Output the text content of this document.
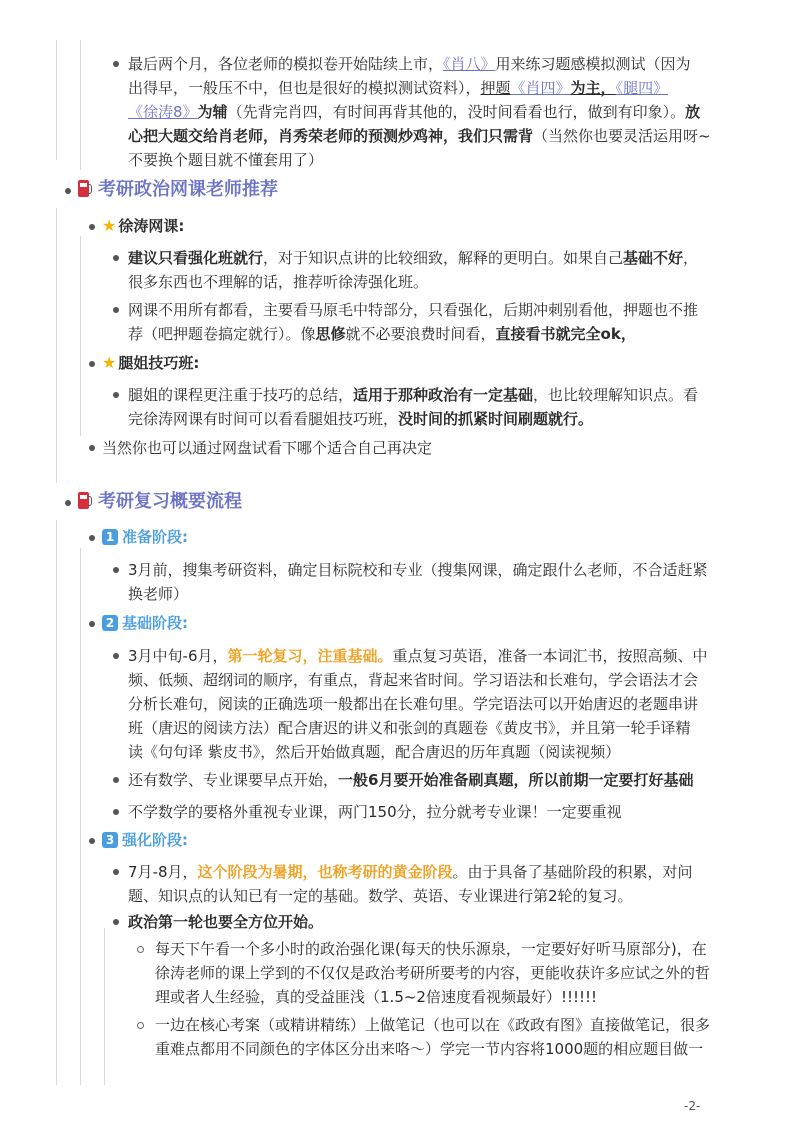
最后两个月，各位老师的模拟卷开始陆续上市，《肖八》用来练习题感模拟测试（因为
出得早，一般压不中，但也是很好的模拟测试资料），押题《肖四》为主，《腿四》
《徐涛8》为辅（先背完肖四，有时间再背其他的，没时间看看也行，做到有印象）。放
心把大题交给肖老师，肖秀荣老师的预测炒鸡神，我们只需背（当然你也要灵活运用呀~
不要换个题目就不懂套用了）
考研政治网课老师推荐
★ 徐涛网课:
建议只看强化班就行，对于知识点讲的比较细致，解释的更明白。如果自己基础不好，
很多东西也不理解的话，推荐听徐涛强化班。
网课不用所有都看，主要看马原毛中特部分，只看强化，后期冲刺别看他，押题也不推
荐（吧押题卷搞定就行）。像思修就不必要浪费时间看，直接看书就完全ok，
★ 腿姐技巧班:
腿姐的课程更注重于技巧的总结，适用于那种政治有一定基础，也比较理解知识点。看
完徐涛网课有时间可以看看腿姐技巧班，没时间的抓紧时间刷题就行。
当然你也可以通过网盘试看下哪个适合自己再决定
考研复习概要流程
1 准备阶段:
3月前，搜集考研资料，确定目标院校和专业（搜集网课，确定跟什么老师，不合适赶紧
换老师）
2 基础阶段:
3月中旬-6月，第一轮复习，注重基础。重点复习英语，准备一本词汇书，按照高频、中
频、低频、超纲词的顺序，有重点，背起来省时间。学习语法和长难句，学会语法才会
分析长难句，阅读的正确选项一般都出在长难句里。学完语法可以开始唐迟的老题串讲
班（唐迟的阅读方法）配合唐迟的讲义和张剑的真题卷《黄皮书》，并且第一轮手译精
读《句句译 紫皮书》，然后开始做真题，配合唐迟的历年真题（阅读视频）
还有数学、专业课要早点开始，一般6月要开始准备刷真题，所以前期一定要打好基础
不学数学的要格外重视专业课，两门150分，拉分就考专业课！一定要重视
3 强化阶段:
7月-8月，这个阶段为暑期，也称考研的黄金阶段。由于具备了基础阶段的积累，对问
题、知识点的认知已有一定的基础。数学、英语、专业课进行第2轮的复习。
政治第一轮也要全方位开始。
每天下午看一个多小时的政治强化课(每天的快乐源泉，一定要好好听马原部分)，在
徐涛老师的课上学到的不仅仅是政治考研所要考的内容，更能收获许多应试之外的哲
理或者人生经验，真的受益匪浅（1.5~2倍速度看视频最好）!!!!!!
一边在核心考案（或精讲精练）上做笔记（也可以在《政政有图》直接做笔记，很多
重难点都用不同颜色的字体区分出来咯～）学完一节内容将1000题的相应题目做一
-2-
